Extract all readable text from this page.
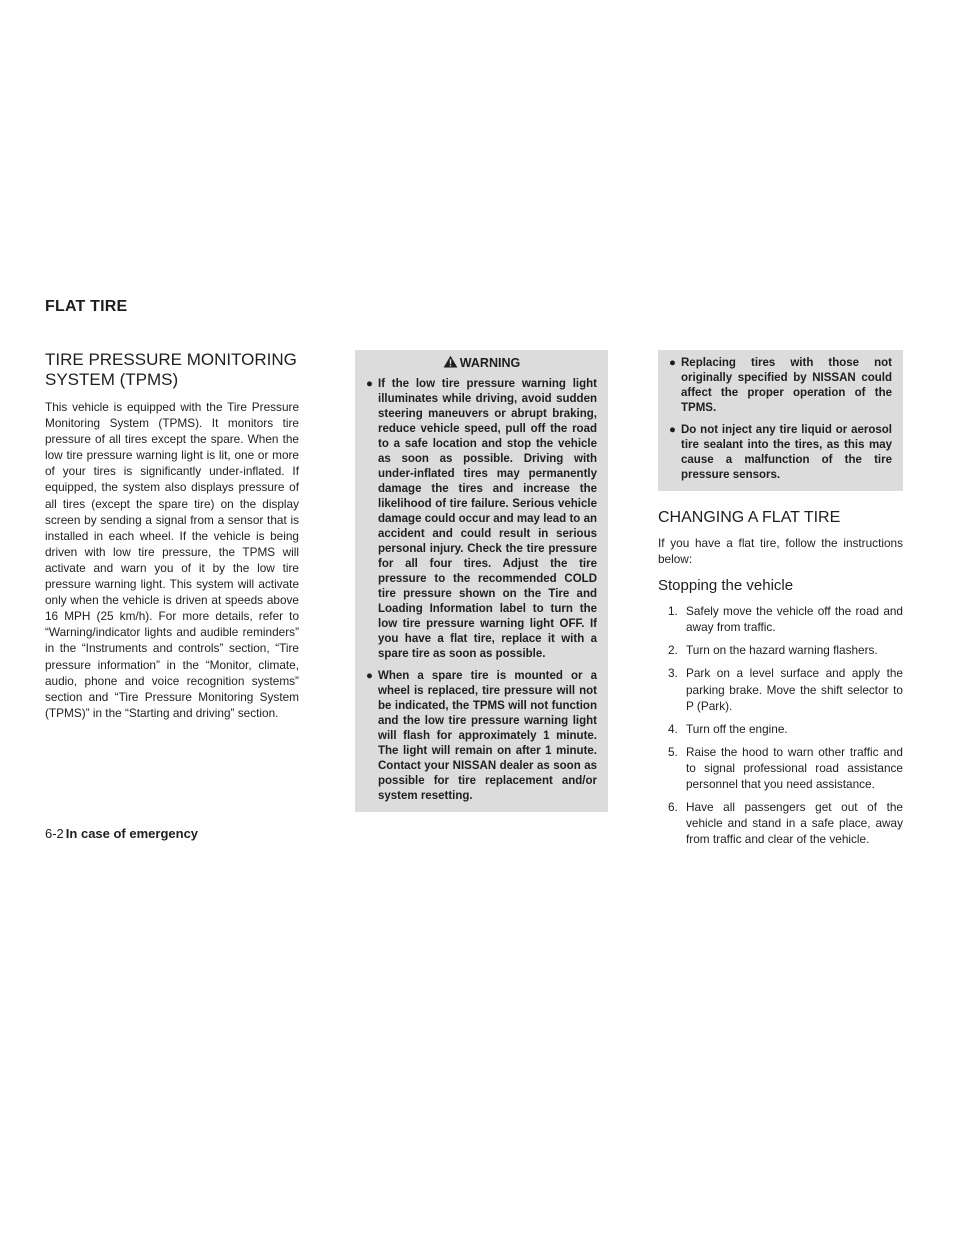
FLAT TIRE
TIRE PRESSURE MONITORING SYSTEM (TPMS)

This vehicle is equipped with the Tire Pressure Monitoring System (TPMS). It monitors tire pressure of all tires except the spare. When the low tire pressure warning light is lit, one or more of your tires is significantly under-inflated. If equipped, the system also displays pressure of all tires (except the spare tire) on the display screen by sending a signal from a sensor that is installed in each wheel. If the vehicle is being driven with low tire pressure, the TPMS will activate and warn you of it by the low tire pressure warning light. This system will activate only when the vehicle is driven at speeds above 16 MPH (25 km/h). For more details, refer to “Warning/indicator lights and audible reminders” in the “Instruments and controls” section, “Tire pressure information” in the “Monitor, climate, audio, phone and voice recognition systems” section and “Tire Pressure Monitoring System (TPMS)” in the “Starting and driving” section.

WARNING
● If the low tire pressure warning light illuminates while driving, avoid sudden steering maneuvers or abrupt braking, reduce vehicle speed, pull off the road to a safe location and stop the vehicle as soon as possible. Driving with under-inflated tires may permanently damage the tires and increase the likelihood of tire failure. Serious vehicle damage could occur and may lead to an accident and could result in serious personal injury. Check the tire pressure for all four tires. Adjust the tire pressure to the recommended COLD tire pressure shown on the Tire and Loading Information label to turn the low tire pressure warning light OFF. If you have a flat tire, replace it with a spare tire as soon as possible.
● When a spare tire is mounted or a wheel is replaced, tire pressure will not be indicated, the TPMS will not function and the low tire pressure warning light will flash for approximately 1 minute. The light will remain on after 1 minute. Contact your NISSAN dealer as soon as possible for tire replacement and/or system resetting.
● Replacing tires with those not originally specified by NISSAN could affect the proper operation of the TPMS.
● Do not inject any tire liquid or aerosol tire sealant into the tires, as this may cause a malfunction of the tire pressure sensors.
CHANGING A FLAT TIRE

If you have a flat tire, follow the instructions below:

Stopping the vehicle
1. Safely move the vehicle off the road and away from traffic.
2. Turn on the hazard warning flashers.
3. Park on a level surface and apply the parking brake. Move the shift selector to P (Park).
4. Turn off the engine.
5. Raise the hood to warn other traffic and to signal professional road assistance personnel that you need assistance.
6. Have all passengers get out of the vehicle and stand in a safe place, away from traffic and clear of the vehicle.
6-2 In case of emergency
